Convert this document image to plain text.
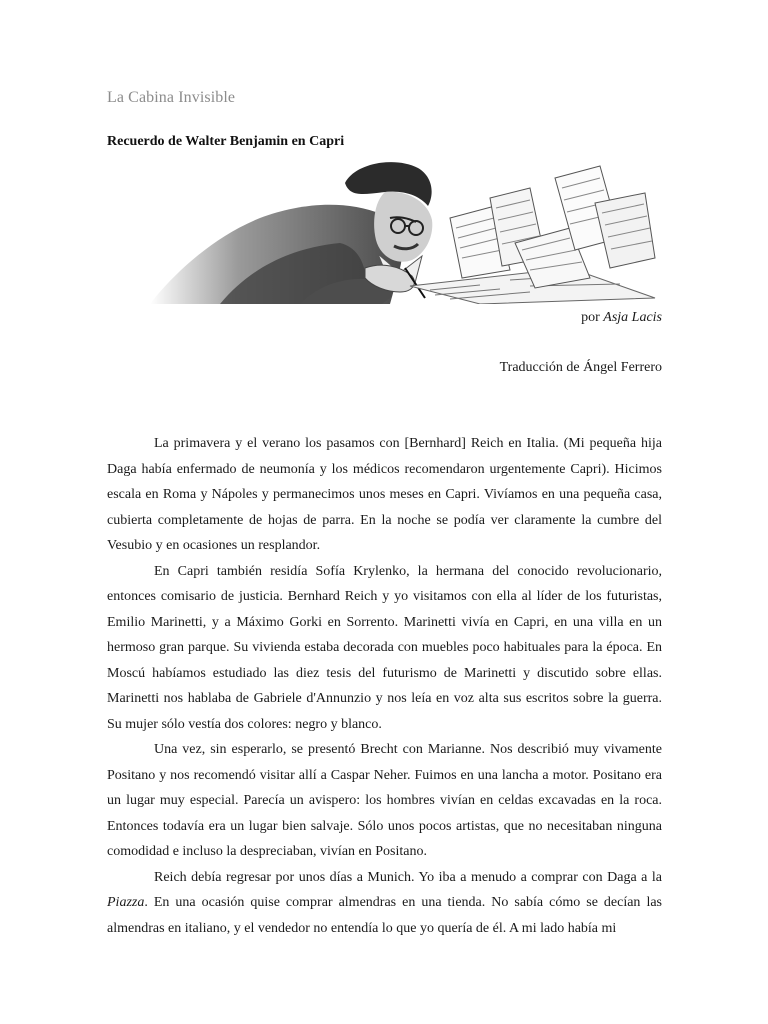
La Cabina Invisible
Recuerdo de Walter Benjamin en Capri
por Asja Lacis
Traducción de Ángel Ferrero

La primavera y el verano los pasamos con [Bernhard] Reich en Italia. (Mi pequeña hija Daga había enfermado de neumonía y los médicos recomendaron urgentemente Capri). Hicimos escala en Roma y Nápoles y permanecimos unos meses en Capri. Vivíamos en una pequeña casa, cubierta completamente de hojas de parra. En la noche se podía ver claramente la cumbre del Vesubio y en ocasiones un resplandor.

En Capri también residía Sofía Krylenko, la hermana del conocido revolucionario, entonces comisario de justicia. Bernhard Reich y yo visitamos con ella al líder de los futuristas, Emilio Marinetti, y a Máximo Gorki en Sorrento. Marinetti vivía en Capri, en una villa en un hermoso gran parque. Su vivienda estaba decorada con muebles poco habituales para la época. En Moscú habíamos estudiado las diez tesis del futurismo de Marinetti y discutido sobre ellas. Marinetti nos hablaba de Gabriele d'Annunzio y nos leía en voz alta sus escritos sobre la guerra. Su mujer sólo vestía dos colores: negro y blanco.

Una vez, sin esperarlo, se presentó Brecht con Marianne. Nos describió muy vivamente Positano y nos recomendó visitar allí a Caspar Neher. Fuimos en una lancha a motor. Positano era un lugar muy especial. Parecía un avispero: los hombres vivían en celdas excavadas en la roca. Entonces todavía era un lugar bien salvaje. Sólo unos pocos artistas, que no necesitaban ninguna comodidad e incluso la despreciaban, vivían en Positano.

Reich debía regresar por unos días a Munich. Yo iba a menudo a comprar con Daga a la Piazza. En una ocasión quise comprar almendras en una tienda. No sabía cómo se decían las almendras en italiano, y el vendedor no entendía lo que yo quería de él. A mi lado había mi
